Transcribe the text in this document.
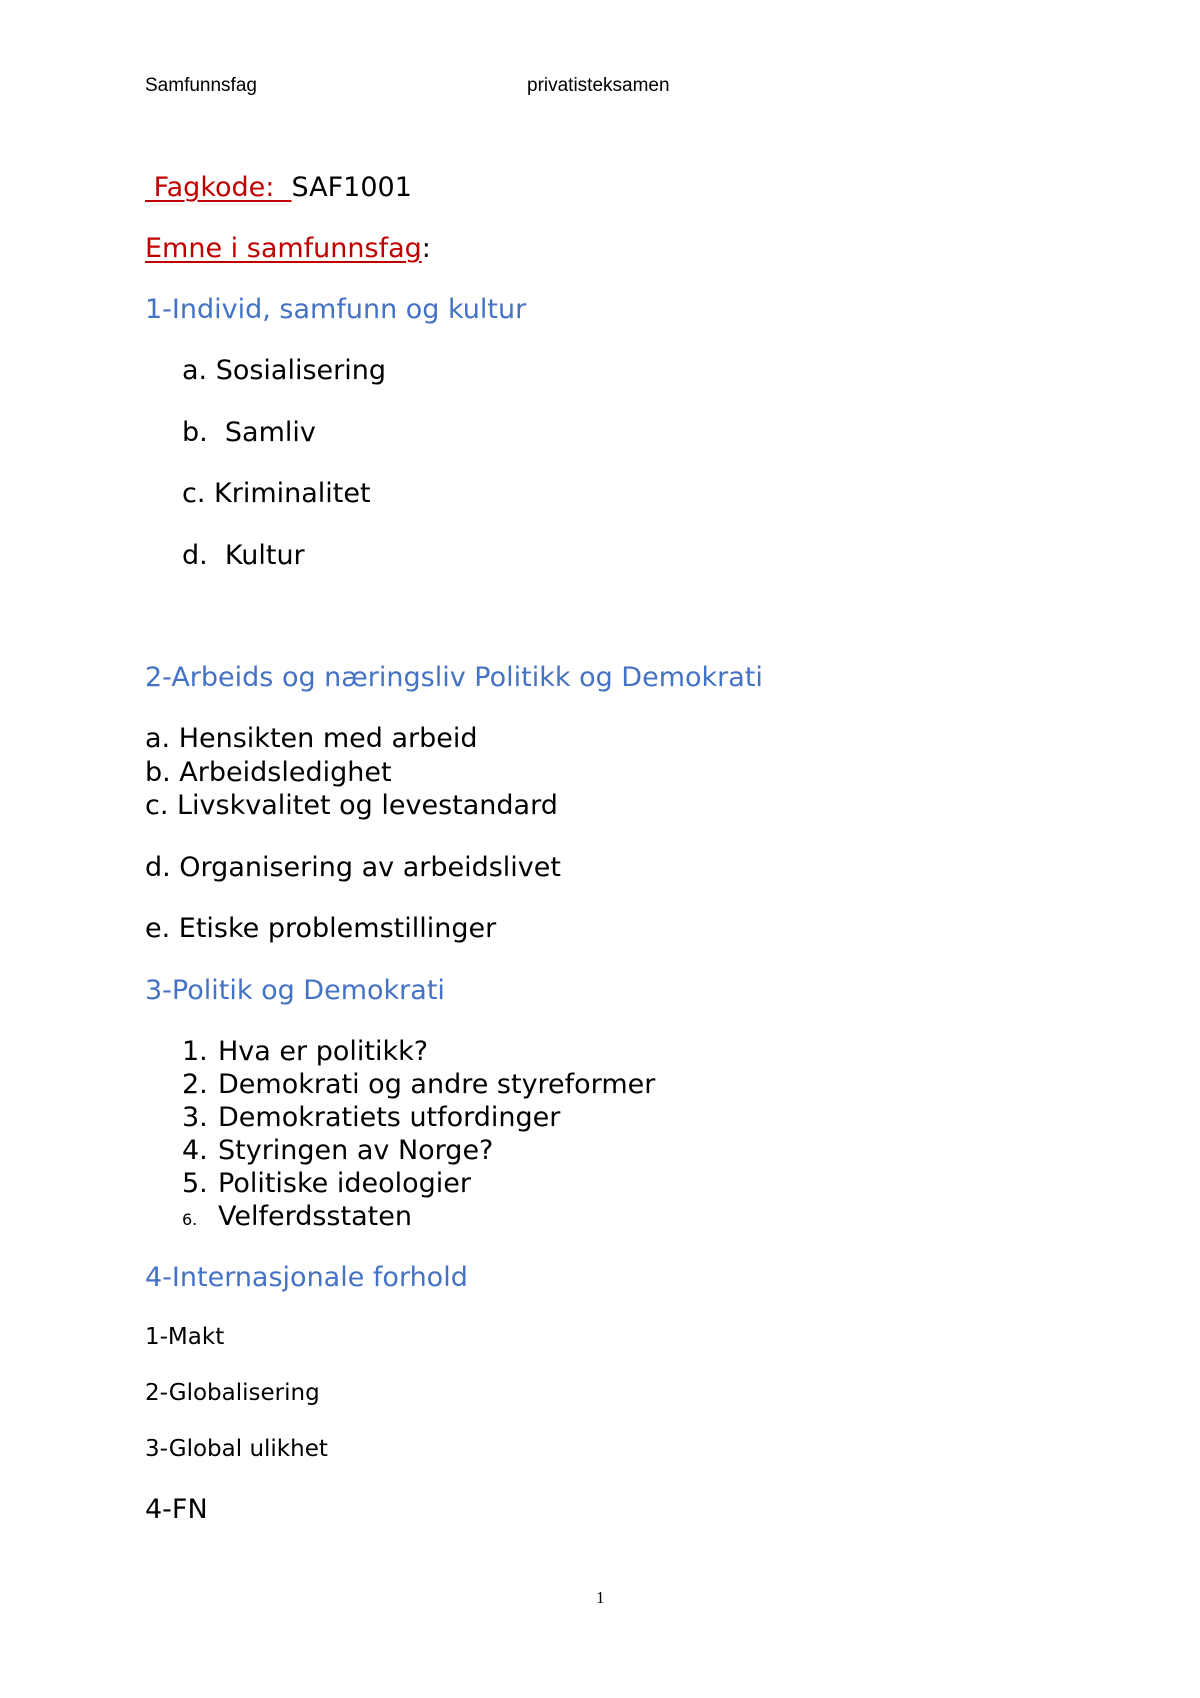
Samfunnsfag	privatisteksamen
Fagkode:  SAF1001
Emne i samfunnsfag:
1-Individ, samfunn og kultur
a. Sosialisering
b.  Samliv
c. Kriminalitet
d.  Kultur
2-Arbeids og næringsliv Politikk og Demokrati
a. Hensikten med arbeid
b. Arbeidsledighet
c. Livskvalitet og levestandard
d. Organisering av arbeidslivet
e. Etiske problemstillinger
3-Politik og Demokrati
1. Hva er politikk?
2. Demokrati og andre styreformer
3. Demokratiets utfordinger
4. Styringen av Norge?
5. Politiske ideologier
6. Velferdsstaten
4-Internasjonale forhold
1-Makt
2-Globalisering
3-Global ulikhet
4-FN
1
